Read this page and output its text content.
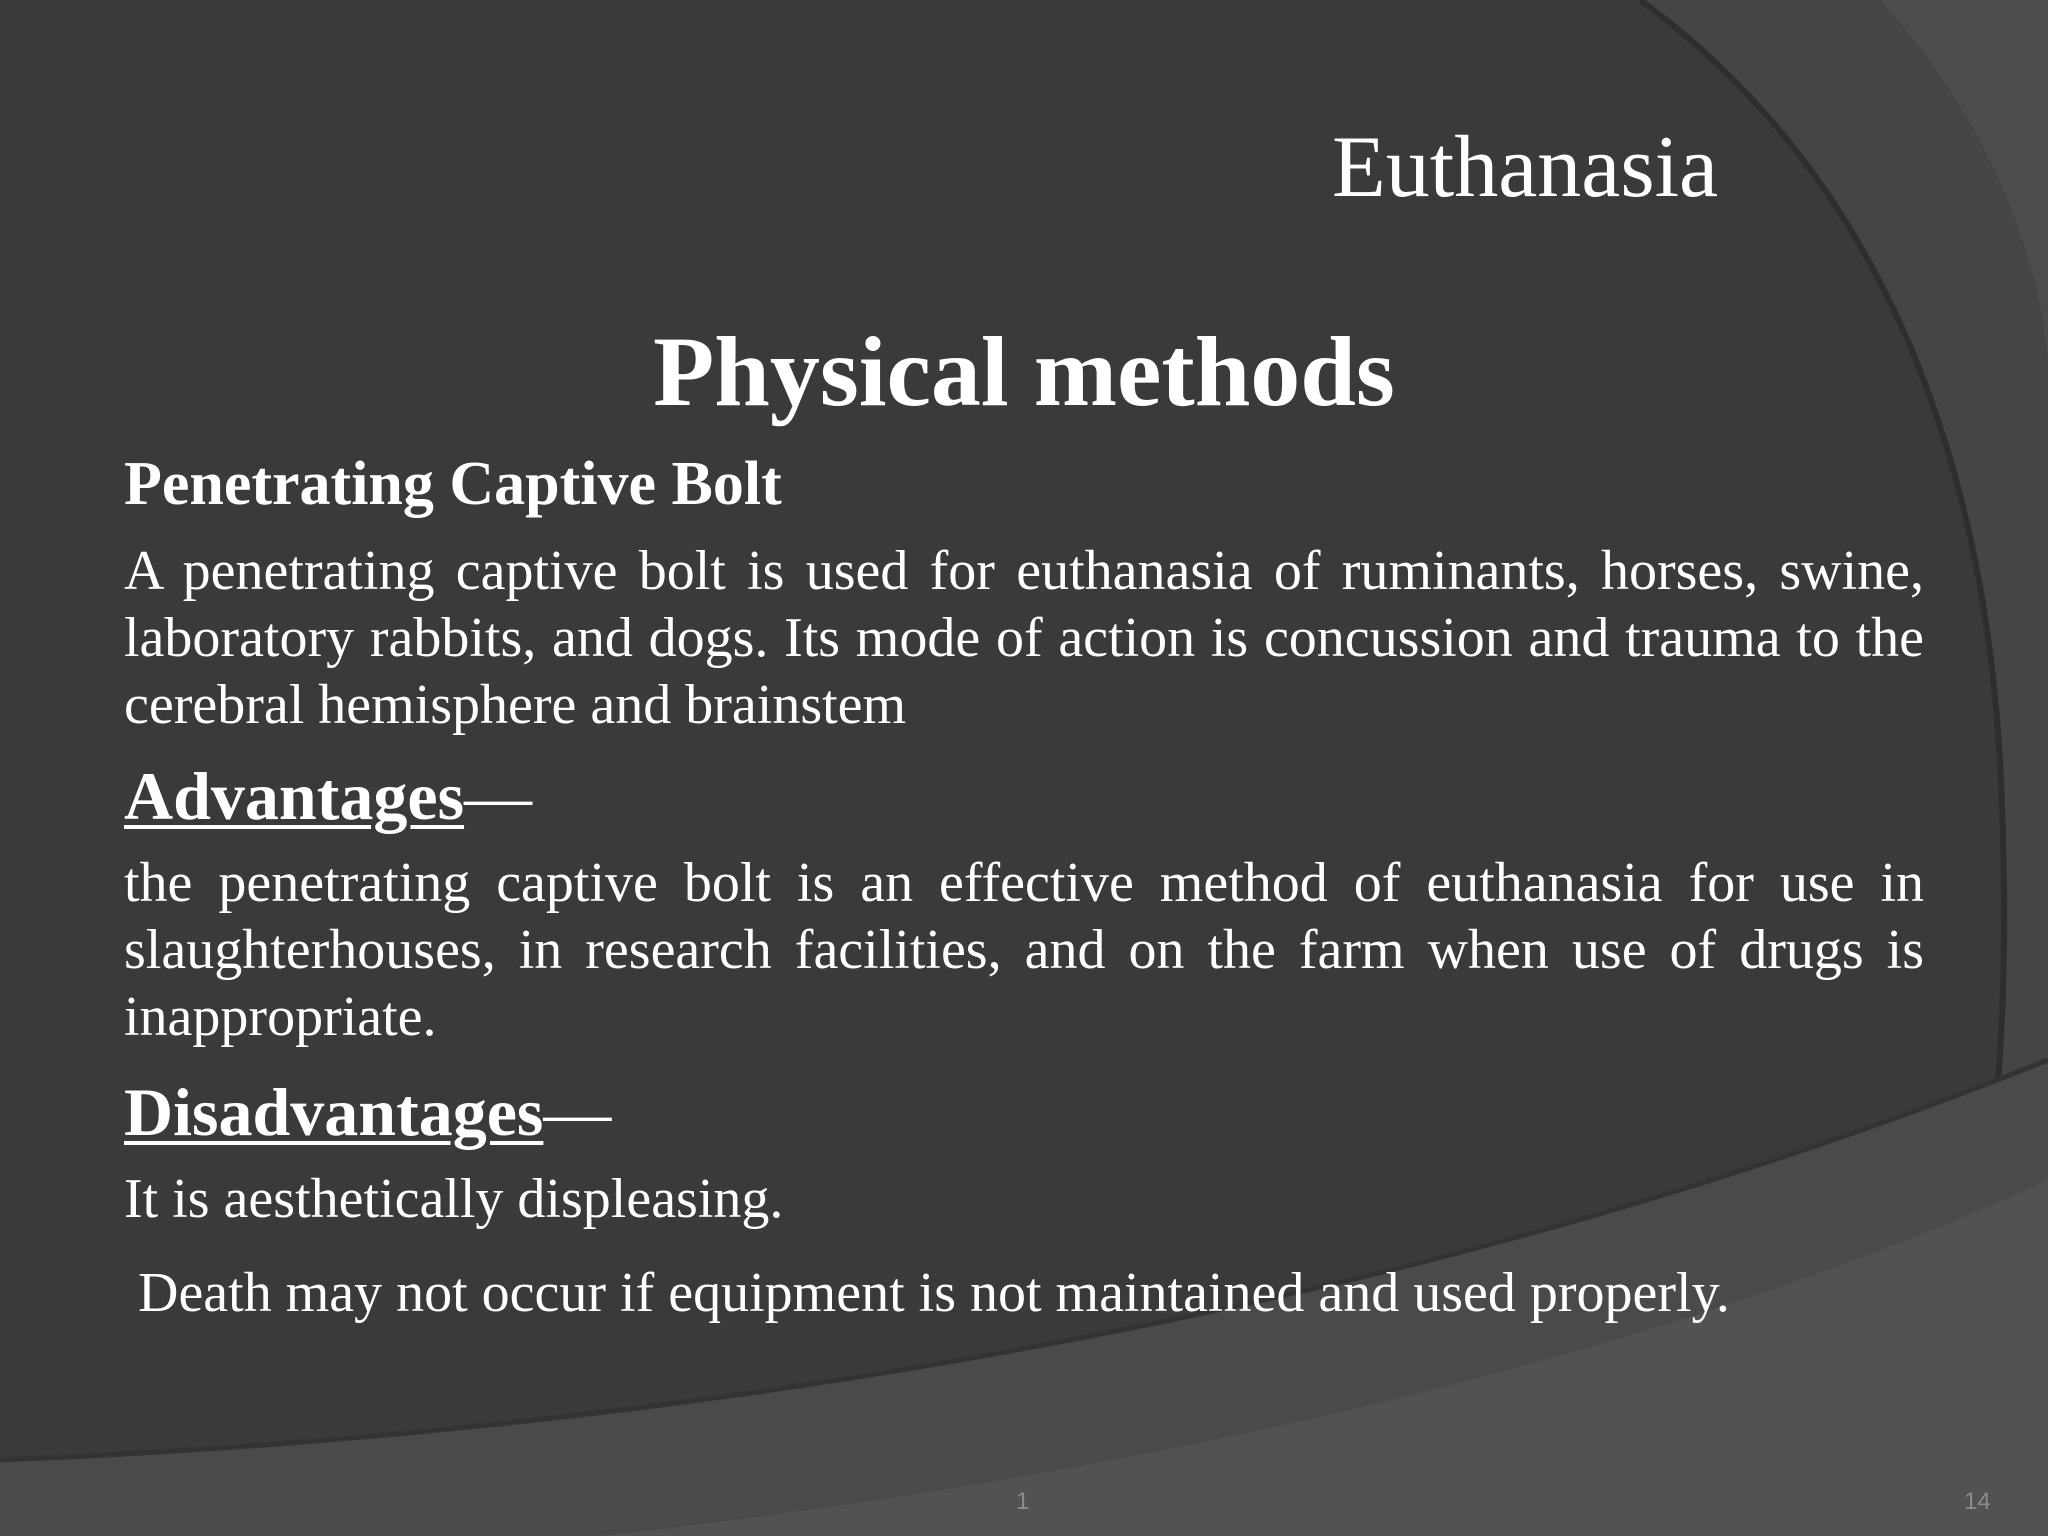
Euthanasia
Physical methods
Penetrating Captive Bolt

A penetrating captive bolt is used for euthanasia of ruminants, horses, swine, laboratory rabbits, and dogs. Its mode of action is concussion and trauma to the cerebral hemisphere and brainstem

Advantages—

the penetrating captive bolt is an effective method of euthanasia for use in slaughterhouses, in research facilities, and on the farm when use of drugs is inappropriate.

Disadvantages—

It is aesthetically displeasing.

Death may not occur if equipment is not maintained and used properly.

1	14
